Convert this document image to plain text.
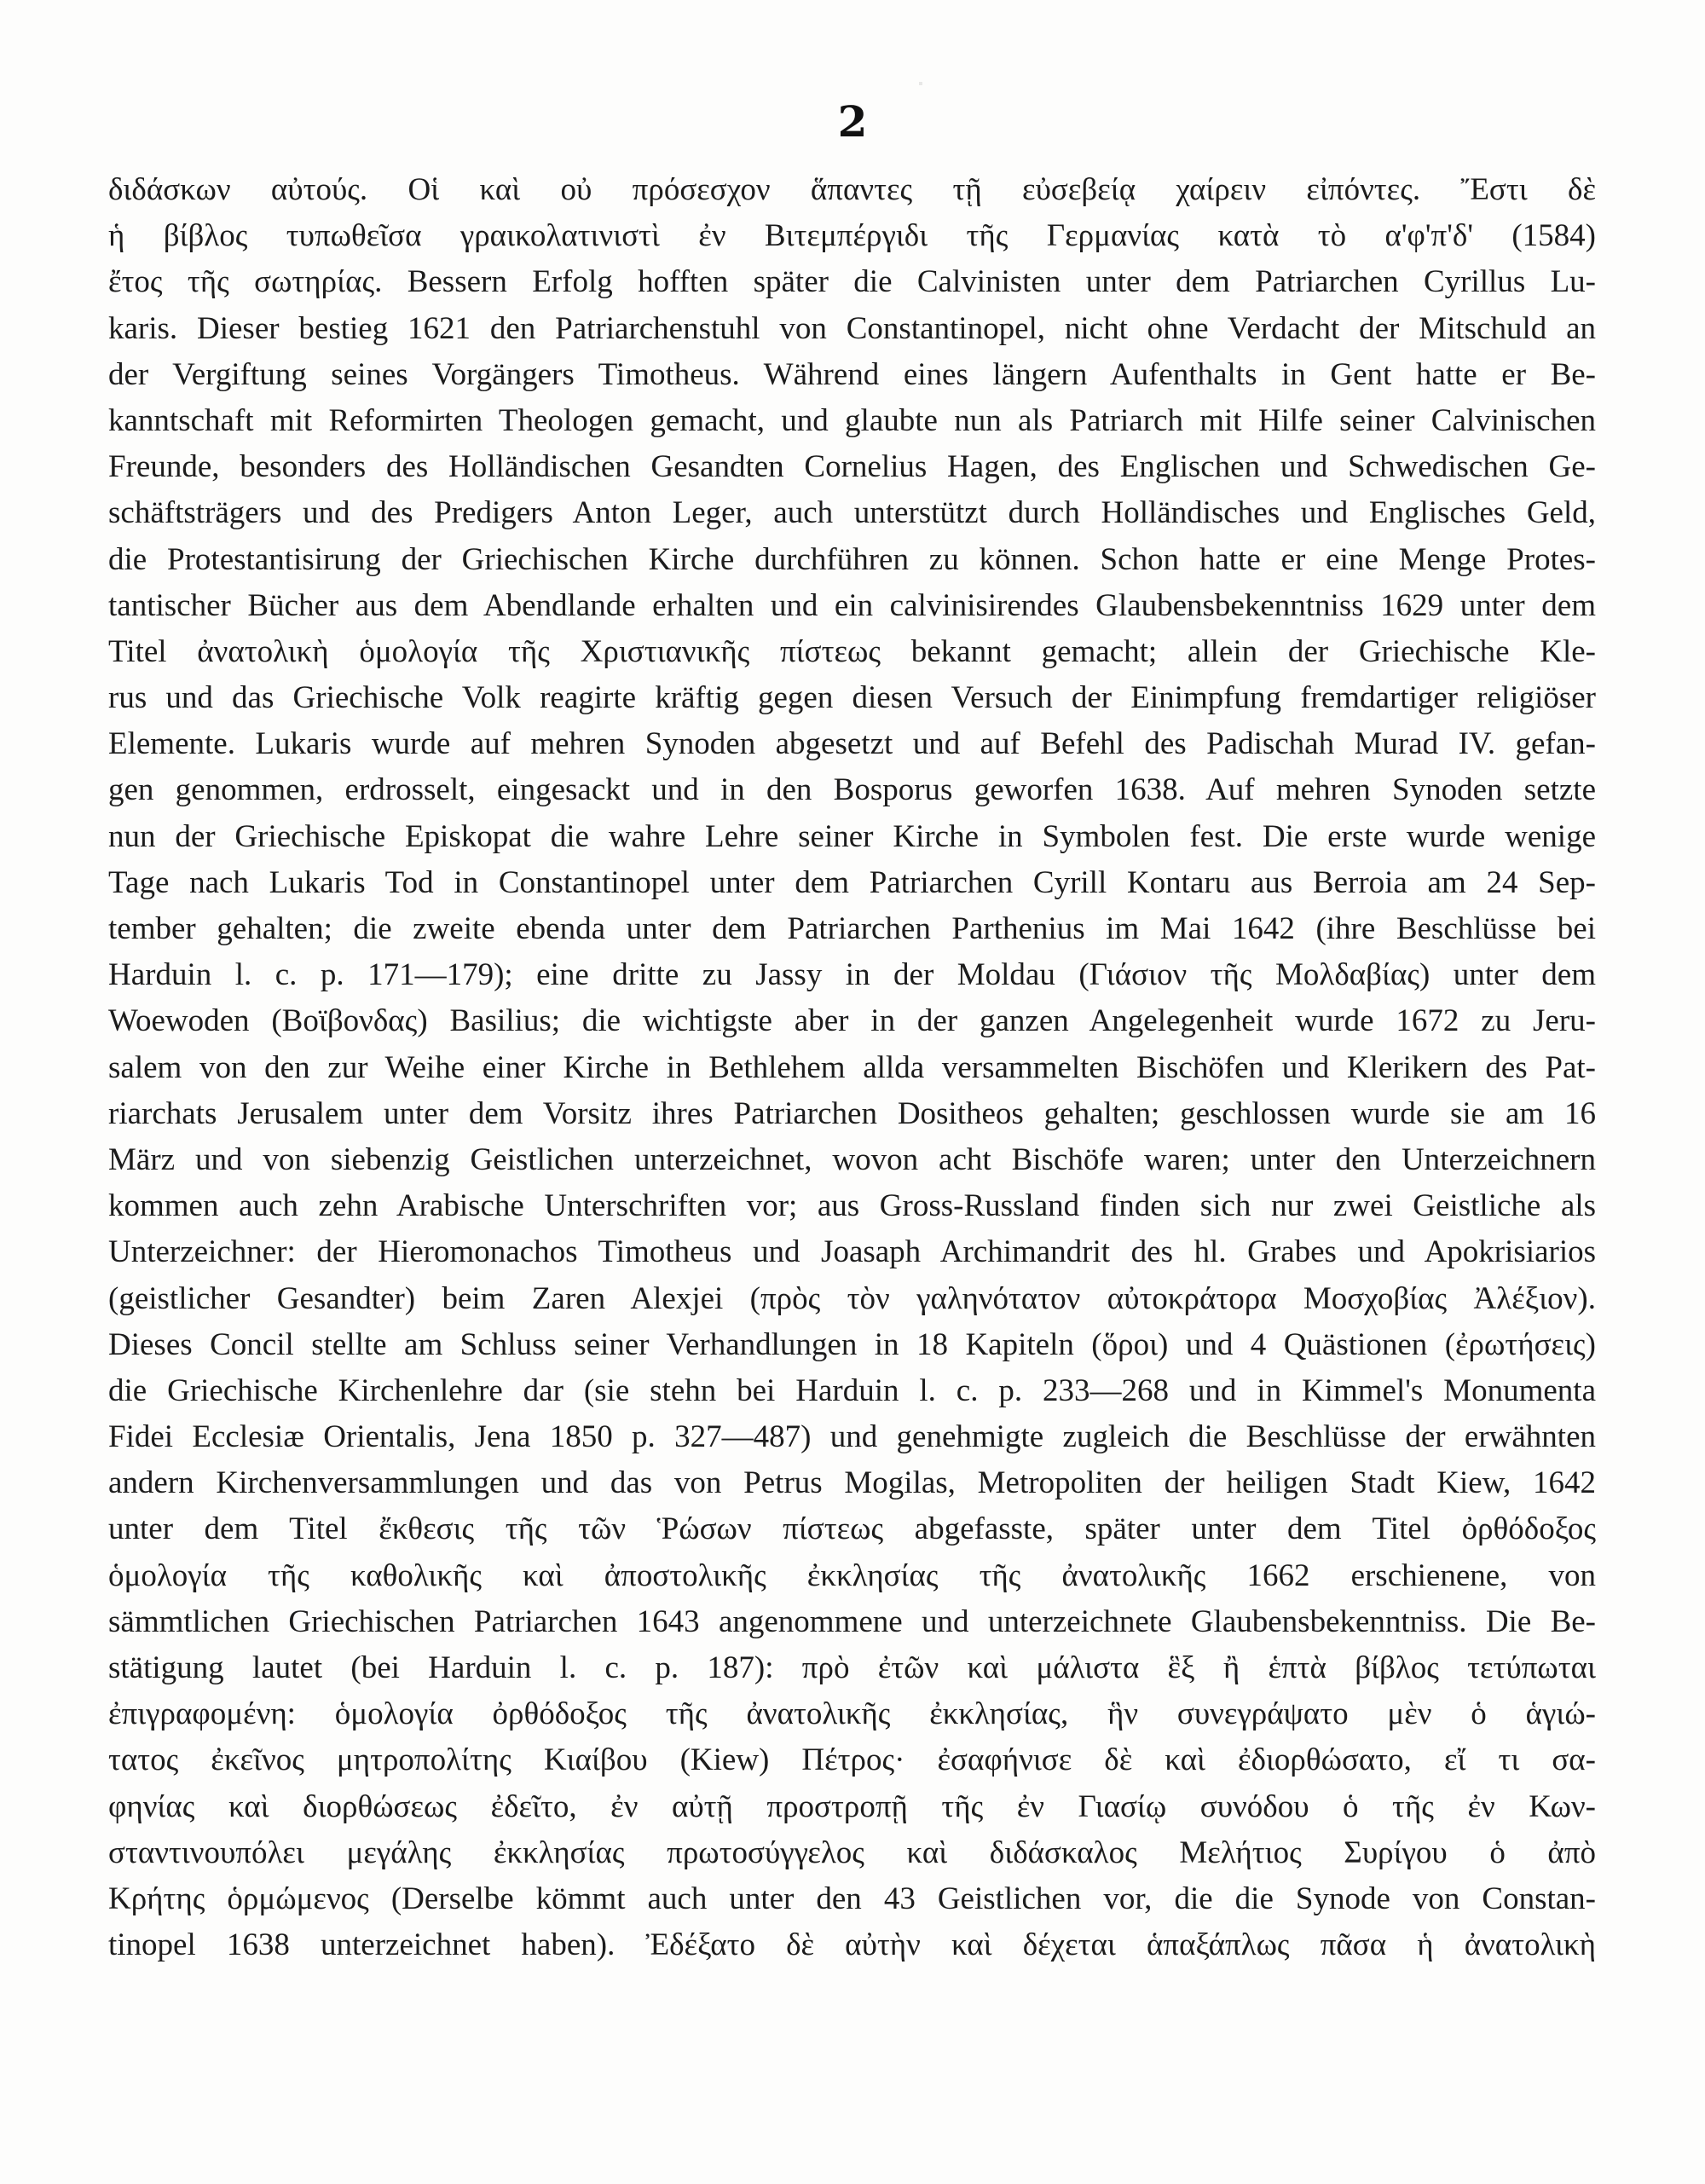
2
διδάσκων αὐτούς. Οἱ καὶ οὐ πρόσεσχον ἅπαντες τῇ εὐσεβείᾳ χαίρειν εἰπόντες. Ἔστι δὲ
ἡ βίβλος τυπωθεῖσα γραικολατινιστὶ ἐν Βιτεμπέργιδι τῆς Γερμανίας κατὰ τὸ α'φ'π'δ' (1584)
ἔτος τῆς σωτηρίας. Bessern Erfolg hofften später die Calvinisten unter dem Patriarchen Cyrillus Lu-
karis. Dieser bestieg 1621 den Patriarchenstuhl von Constantinopel, nicht ohne Verdacht der Mitschuld an
der Vergiftung seines Vorgängers Timotheus. Während eines längern Aufenthalts in Gent hatte er Be-
kanntschaft mit Reformirten Theologen gemacht, und glaubte nun als Patriarch mit Hilfe seiner Calvinischen
Freunde, besonders des Holländischen Gesandten Cornelius Hagen, des Englischen und Schwedischen Ge-
schäftsträgers und des Predigers Anton Leger, auch unterstützt durch Holländisches und Englisches Geld,
die Protestantisirung der Griechischen Kirche durchführen zu können. Schon hatte er eine Menge Protes-
tantischer Bücher aus dem Abendlande erhalten und ein calvinisirendes Glaubensbekenntniss 1629 unter dem
Titel ἀνατολικὴ ὁμολογία τῆς Χριστιανικῆς πίστεως bekannt gemacht; allein der Griechische Kle-
rus und das Griechische Volk reagirte kräftig gegen diesen Versuch der Einimpfung fremdartiger religiöser
Elemente. Lukaris wurde auf mehren Synoden abgesetzt und auf Befehl des Padischah Murad IV. gefan-
gen genommen, erdrosselt, eingesackt und in den Bosporus geworfen 1638. Auf mehren Synoden setzte
nun der Griechische Episkopat die wahre Lehre seiner Kirche in Symbolen fest. Die erste wurde wenige
Tage nach Lukaris Tod in Constantinopel unter dem Patriarchen Cyrill Kontaru aus Berroia am 24 Sep-
tember gehalten; die zweite ebenda unter dem Patriarchen Parthenius im Mai 1642 (ihre Beschlüsse bei
Harduin l. c. p. 171—179); eine dritte zu Jassy in der Moldau (Γιάσιον τῆς Μολδαβίας) unter dem
Woewoden (Βοϊβονδας) Basilius; die wichtigste aber in der ganzen Angelegenheit wurde 1672 zu Jeru-
salem von den zur Weihe einer Kirche in Bethlehem allda versammelten Bischöfen und Klerikern des Pat-
riarchats Jerusalem unter dem Vorsitz ihres Patriarchen Dositheos gehalten; geschlossen wurde sie am 16
März und von siebenzig Geistlichen unterzeichnet, wovon acht Bischöfe waren; unter den Unterzeichnern
kommen auch zehn Arabische Unterschriften vor; aus Gross-Russland finden sich nur zwei Geistliche als
Unterzeichner: der Hieromonachos Timotheus und Joasaph Archimandrit des hl. Grabes und Apokrisiarios
(geistlicher Gesandter) beim Zaren Alexjei (πρὸς τὸν γαληνότατον αὐτοκράτορα Μοσχοβίας Ἀλέξιον).
Dieses Concil stellte am Schluss seiner Verhandlungen in 18 Kapiteln (ὅροι) und 4 Quästionen (ἐρωτήσεις)
die Griechische Kirchenlehre dar (sie stehn bei Harduin l. c. p. 233—268 und in Kimmel's Monumenta
Fidei Ecclesiæ Orientalis, Jena 1850 p. 327—487) und genehmigte zugleich die Beschlüsse der erwähnten
andern Kirchenversammlungen und das von Petrus Mogilas, Metropoliten der heiligen Stadt Kiew, 1642
unter dem Titel ἔκθεσις τῆς τῶν Ῥώσων πίστεως abgefasste, später unter dem Titel ὀρθόδοξος
ὁμολογία τῆς καθολικῆς καὶ ἀποστολικῆς ἐκκλησίας τῆς ἀνατολικῆς 1662 erschienene, von
sämmtlichen Griechischen Patriarchen 1643 angenommene und unterzeichnete Glaubensbekenntniss. Die Be-
stätigung lautet (bei Harduin l. c. p. 187): πρὸ ἐτῶν καὶ μάλιστα ἓξ ἢ ἑπτὰ βίβλος τετύπωται
ἐπιγραφομένη: ὁμολογία ὀρθόδοξος τῆς ἀνατολικῆς ἐκκλησίας, ἣν συνεγράψατο μὲν ὁ ἁγιώ-
τατος ἐκεῖνος μητροπολίτης Κιαίβου (Kiew) Πέτρος· ἐσαφήνισε δὲ καὶ ἐδιορθώσατο, εἴ τι σα-
φηνίας καὶ διορθώσεως ἐδεῖτο, ἐν αὐτῇ προστροπῇ τῆς ἐν Γιασίῳ συνόδου ὁ τῆς ἐν Κων-
σταντινουπόλει μεγάλης ἐκκλησίας πρωτοσύγγελος καὶ διδάσκαλος Μελήτιος Συρίγου ὁ ἀπὸ
Κρήτης ὁρμώμενος (Derselbe kömmt auch unter den 43 Geistlichen vor, die die Synode von Constan-
tinopel 1638 unterzeichnet haben). Ἐδέξατο δὲ αὐτὴν καὶ δέχεται ἁπαξάπλως πᾶσα ἡ ἀνατολικὴ
